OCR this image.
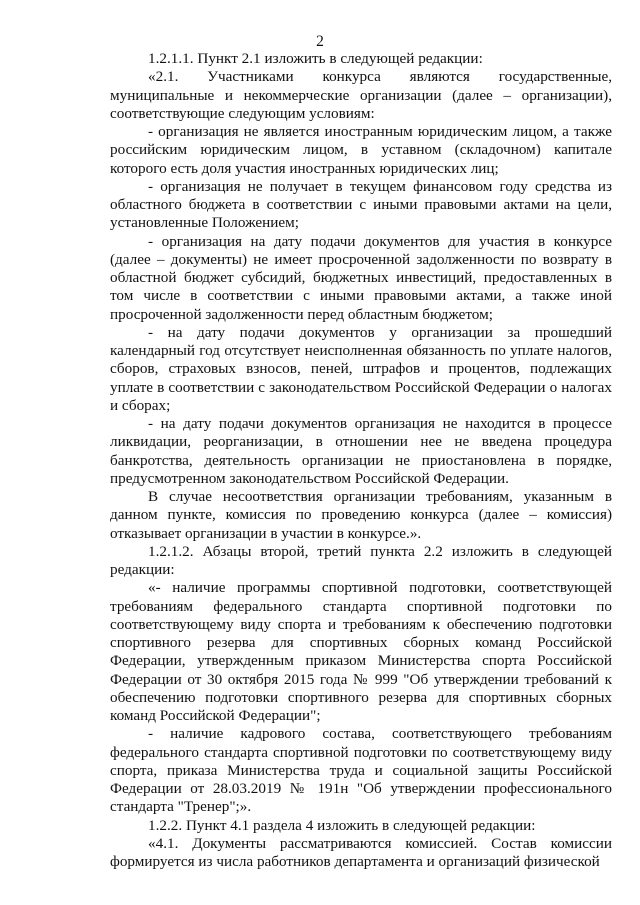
2

1.2.1.1. Пункт 2.1 изложить в следующей редакции:

«2.1. Участниками конкурса являются государственные, муниципальные и некоммерческие организации (далее – организации), соответствующие следующим условиям:

- организация не является иностранным юридическим лицом, а также российским юридическим лицом, в уставном (складочном) капитале которого есть доля участия иностранных юридических лиц;

- организация не получает в текущем финансовом году средства из областного бюджета в соответствии с иными правовыми актами на цели, установленные Положением;

- организация на дату подачи документов для участия в конкурсе (далее – документы) не имеет просроченной задолженности по возврату в областной бюджет субсидий, бюджетных инвестиций, предоставленных в том числе в соответствии с иными правовыми актами, а также иной просроченной задолженности перед областным бюджетом;

- на дату подачи документов у организации за прошедший календарный год отсутствует неисполненная обязанность по уплате налогов, сборов, страховых взносов, пеней, штрафов и процентов, подлежащих уплате в соответствии с законодательством Российской Федерации о налогах и сборах;

- на дату подачи документов организация не находится в процессе ликвидации, реорганизации, в отношении нее не введена процедура банкротства, деятельность организации не приостановлена в порядке, предусмотренном законодательством Российской Федерации.

В случае несоответствия организации требованиям, указанным в данном пункте, комиссия по проведению конкурса (далее – комиссия) отказывает организации в участии в конкурсе.».

1.2.1.2. Абзацы второй, третий пункта 2.2 изложить в следующей редакции:

«- наличие программы спортивной подготовки, соответствующей требованиям федерального стандарта спортивной подготовки по соответствующему виду спорта и требованиям к обеспечению подготовки спортивного резерва для спортивных сборных команд Российской Федерации, утвержденным приказом Министерства спорта Российской Федерации от 30 октября 2015 года № 999 "Об утверждении требований к обеспечению подготовки спортивного резерва для спортивных сборных команд Российской Федерации";

- наличие кадрового состава, соответствующего требованиям федерального стандарта спортивной подготовки по соответствующему виду спорта, приказа Министерства труда и социальной защиты Российской Федерации от 28.03.2019 № 191н "Об утверждении профессионального стандарта "Тренер";».

1.2.2. Пункт 4.1 раздела 4 изложить в следующей редакции:

«4.1. Документы рассматриваются комиссией. Состав комиссии формируется из числа работников департамента и организаций физической
